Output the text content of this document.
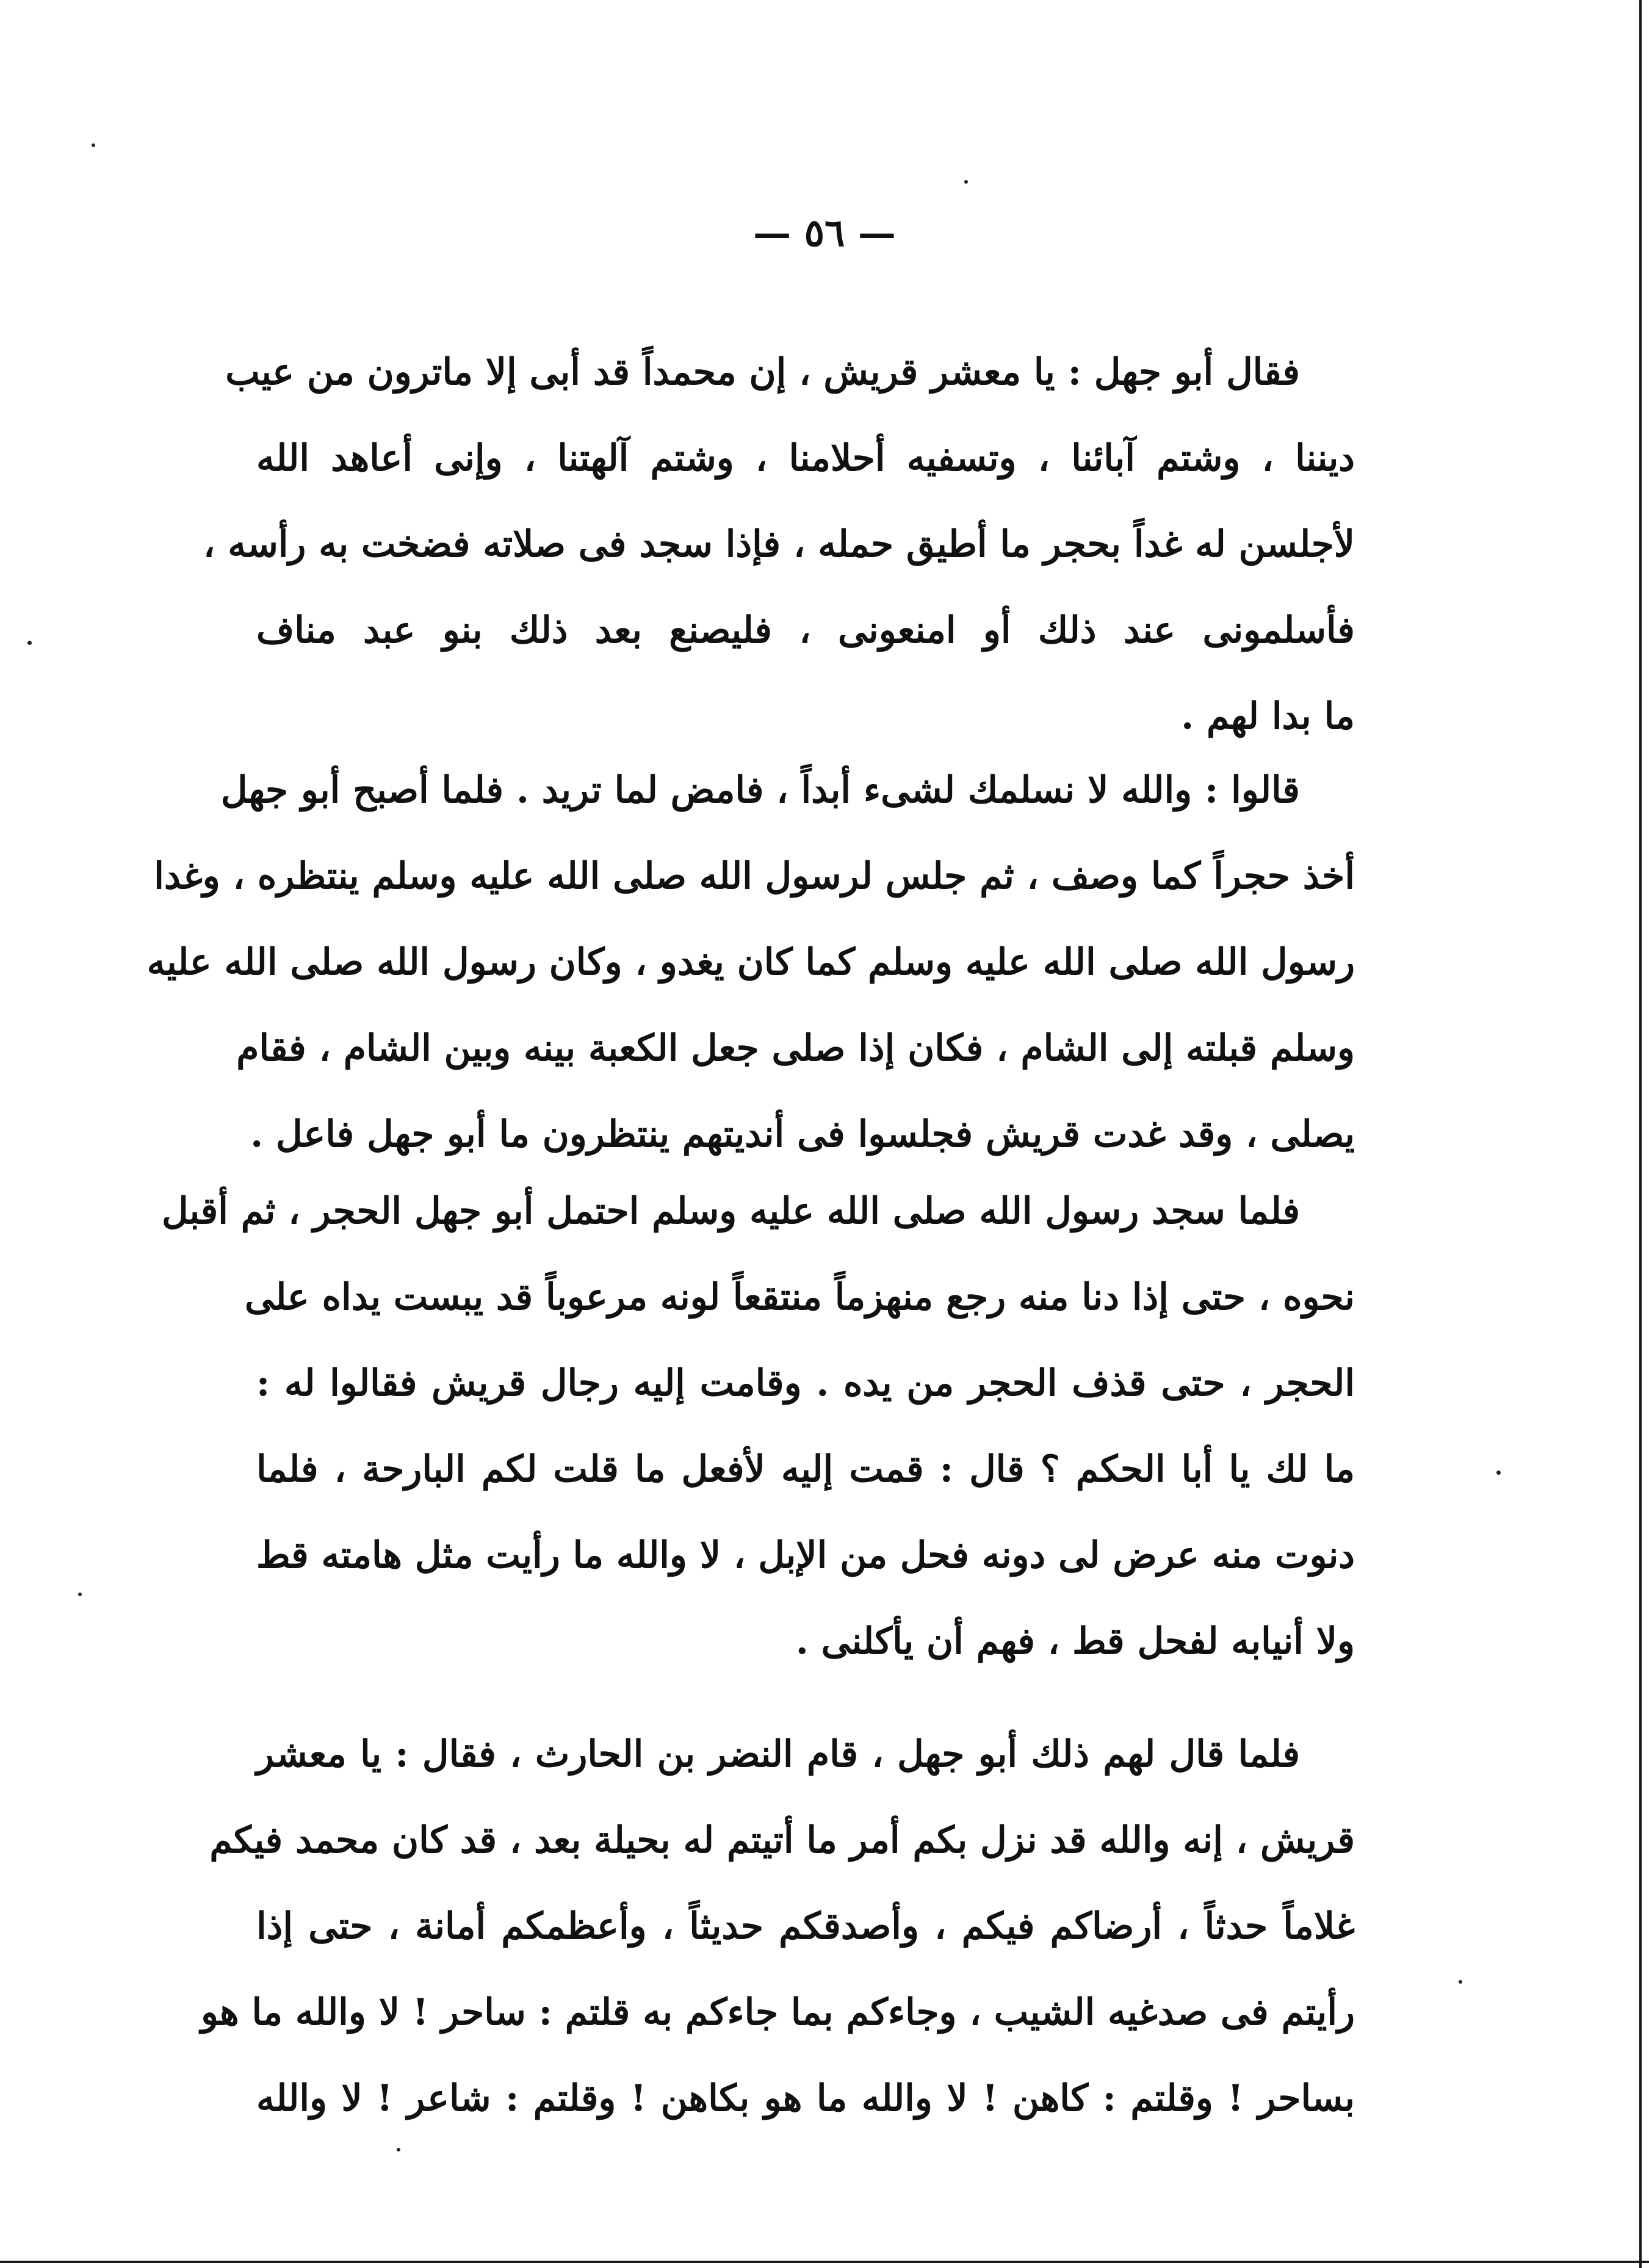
— ٥٦ —
فقال أبو جهل : يا معشر قريش ، إن محمداً قد أبى إلا ماترون من عيب
ديننا ، وشتم آبائنا ، وتسفيه أحلامنا ، وشتم آلهتنا ، وإنى أعاهد الله
لأجلسن له غداً بحجر ما أطيق حمله ، فإذا سجد فى صلاته فضخت به رأسه ،
فأسلمونى عند ذلك أو امنعونى ، فليصنع بعد ذلك بنو عبد مناف
ما بدا لهم .
قالوا : والله لا نسلمك لشىء أبداً ، فامض لما تريد . فلما أصبح أبو جهل
أخذ حجراً كما وصف ، ثم جلس لرسول الله صلى الله عليه وسلم ينتظره ، وغدا
رسول الله صلى الله عليه وسلم كما كان يغدو ، وكان رسول الله صلى الله عليه
وسلم قبلته إلى الشام ، فكان إذا صلى جعل الكعبة بينه وبين الشام ، فقام
يصلى ، وقد غدت قريش فجلسوا فى أنديتهم ينتظرون ما أبو جهل فاعل .
فلما سجد رسول الله صلى الله عليه وسلم احتمل أبو جهل الحجر ، ثم أقبل
نحوه ، حتى إذا دنا منه رجع منهزماً منتقعاً لونه مرعوباً قد يبست يداه على
الحجر ، حتى قذف الحجر من يده . وقامت إليه رجال قريش فقالوا له :
ما لك يا أبا الحكم ؟ قال : قمت إليه لأفعل ما قلت لكم البارحة ، فلما
دنوت منه عرض لى دونه فحل من الإبل ، لا والله ما رأيت مثل هامته قط
ولا أنيابه لفحل قط ، فهم أن يأكلنى .
فلما قال لهم ذلك أبو جهل ، قام النضر بن الحارث ، فقال : يا معشر
قريش ، إنه والله قد نزل بكم أمر ما أتيتم له بحيلة بعد ، قد كان محمد فيكم
غلاماً حدثاً ، أرضاكم فيكم ، وأصدقكم حديثاً ، وأعظمكم أمانة ، حتى إذا
رأيتم فى صدغيه الشيب ، وجاءكم بما جاءكم به قلتم : ساحر ! لا والله ما هو
بساحر ! وقلتم : كاهن ! لا والله ما هو بكاهن ! وقلتم : شاعر ! لا والله
